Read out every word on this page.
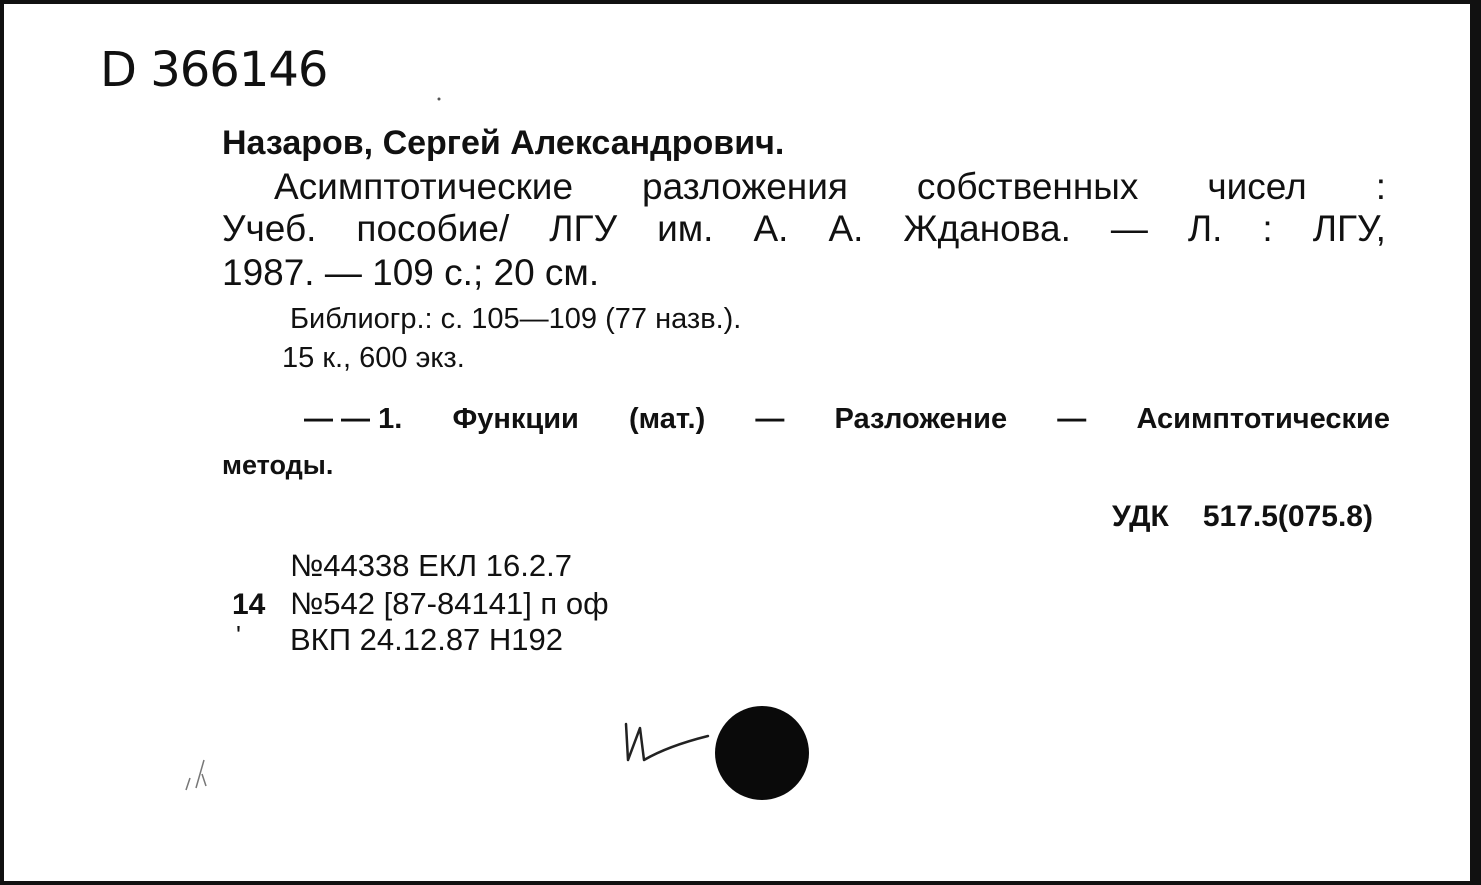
D 366146
Назаров, Сергей Александрович.
Асимптотические разложения собственных чисел :
Учеб. пособие/ ЛГУ им. А. А. Жданова. — Л. : ЛГУ,
1987. — 109 с.; 20 см.
Библиогр.: с. 105—109 (77 назв.).
15 к., 600 экз.
— — 1. Функции (мат.) — Разложение — Асимптотические
методы.
УДК 517.5(075.8)
№44338 ЕКЛ 16.2.7
14 №542 [87-84141] п оф
' ВКП 24.12.87 Н192
